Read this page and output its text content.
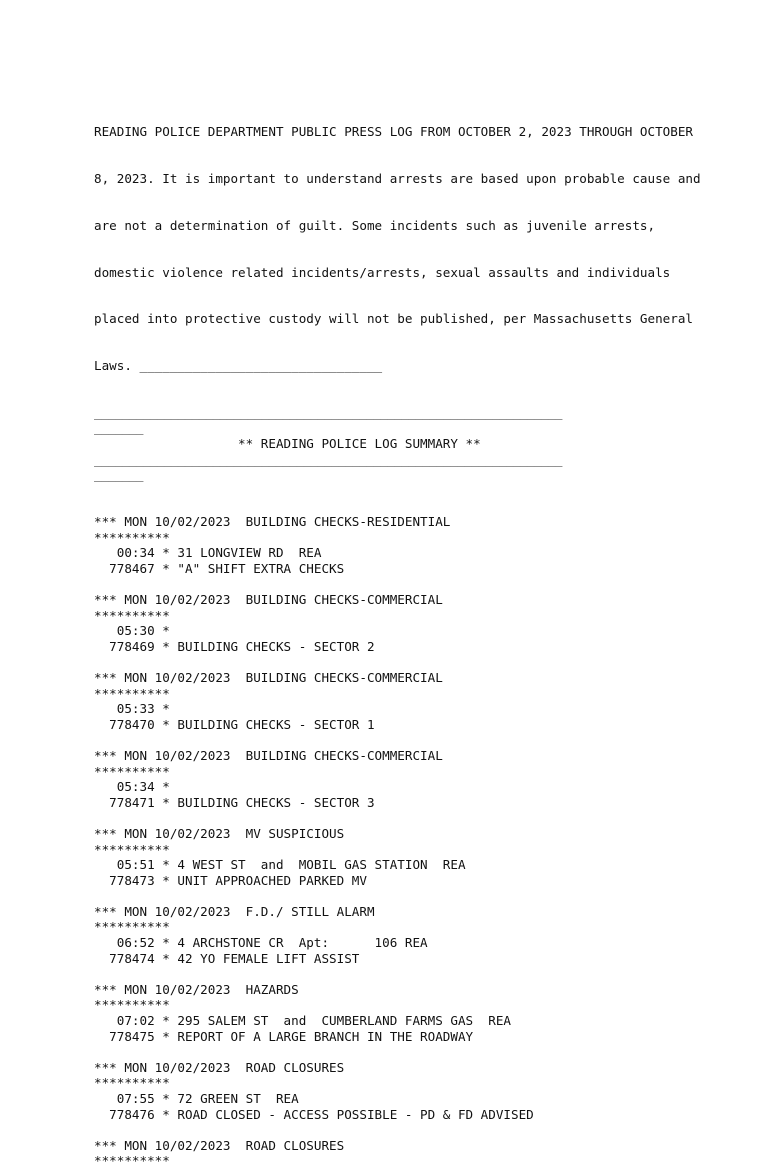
READING POLICE DEPARTMENT PUBLIC PRESS LOG FROM OCTOBER 2, 2023 THROUGH OCTOBER

8, 2023. It is important to understand arrests are based upon probable cause and

are not a determination of guilt. Some incidents such as juvenile arrests,

domestic violence related incidents/arrests, sexual assaults and individuals

placed into protective custody will not be published, per Massachusetts General

Laws. ________________________________

___________________________________________________________________
_______
** READING POLICE LOG SUMMARY **
___________________________________________________________________
_______
*** MON 10/02/2023  BUILDING CHECKS-RESIDENTIAL
**********
00:34 * 31 LONGVIEW RD  REA
778467 * "A" SHIFT EXTRA CHECKS
*** MON 10/02/2023  BUILDING CHECKS-COMMERCIAL
**********
05:30 *
778469 * BUILDING CHECKS - SECTOR 2
*** MON 10/02/2023  BUILDING CHECKS-COMMERCIAL
**********
05:33 *
778470 * BUILDING CHECKS - SECTOR 1
*** MON 10/02/2023  BUILDING CHECKS-COMMERCIAL
**********
05:34 *
778471 * BUILDING CHECKS - SECTOR 3
*** MON 10/02/2023  MV SUSPICIOUS
**********
05:51 * 4 WEST ST  and  MOBIL GAS STATION  REA
778473 * UNIT APPROACHED PARKED MV
*** MON 10/02/2023  F.D./ STILL ALARM
**********
06:52 * 4 ARCHSTONE CR  Apt:      106 REA
778474 * 42 YO FEMALE LIFT ASSIST
*** MON 10/02/2023  HAZARDS
**********
07:02 * 295 SALEM ST  and  CUMBERLAND FARMS GAS  REA
778475 * REPORT OF A LARGE BRANCH IN THE ROADWAY
*** MON 10/02/2023  ROAD CLOSURES
**********
07:55 * 72 GREEN ST  REA
778476 * ROAD CLOSED - ACCESS POSSIBLE - PD & FD ADVISED
*** MON 10/02/2023  ROAD CLOSURES
**********
